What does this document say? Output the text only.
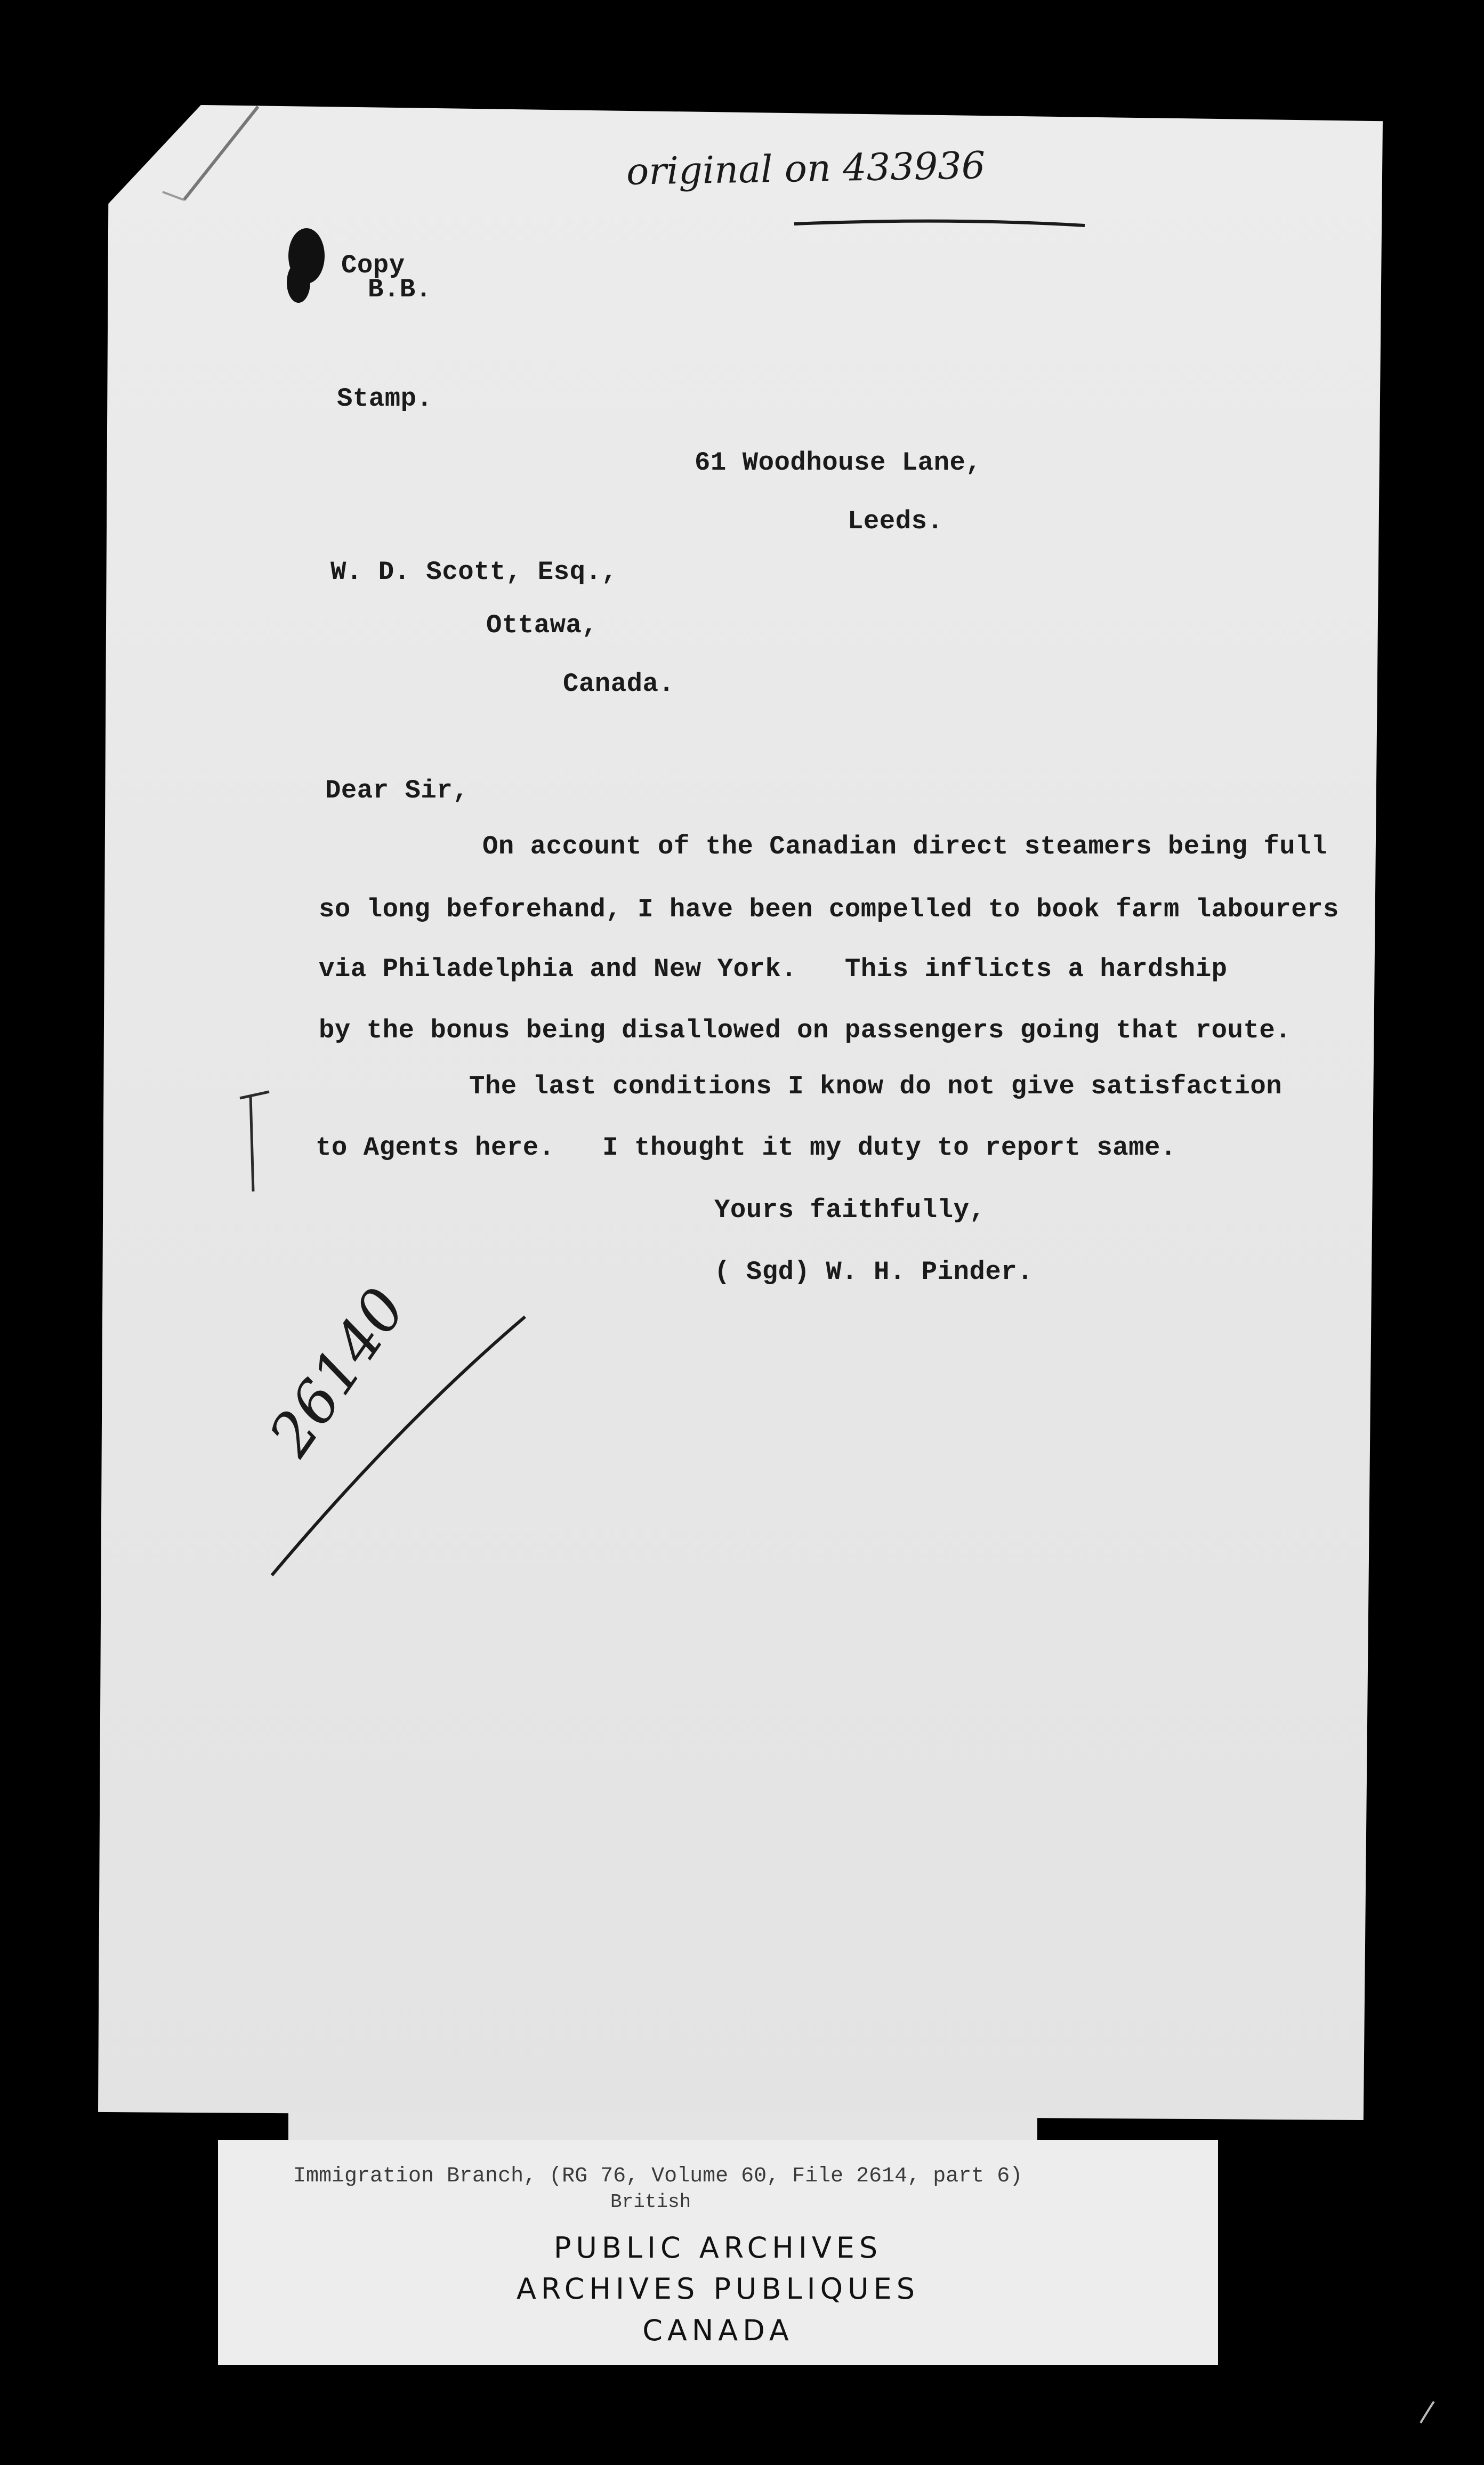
original on 433936
Copy
B.B.
Stamp.
61 Woodhouse Lane,
Leeds.
W. D. Scott, Esq.,
Ottawa,
Canada.
Dear Sir,
On account of the Canadian direct steamers being full
so long beforehand, I have been compelled to book farm labourers
via Philadelphia and New York.   This inflicts a hardship
by the bonus being disallowed on passengers going that route.
The last conditions I know do not give satisfaction
to Agents here.   I thought it my duty to report same.
Yours faithfully,
( Sgd) W. H. Pinder.
26140
Immigration Branch, (RG 76, Volume 60, File 2614, part 6)
British
PUBLIC ARCHIVES
ARCHIVES PUBLIQUES
CANADA
